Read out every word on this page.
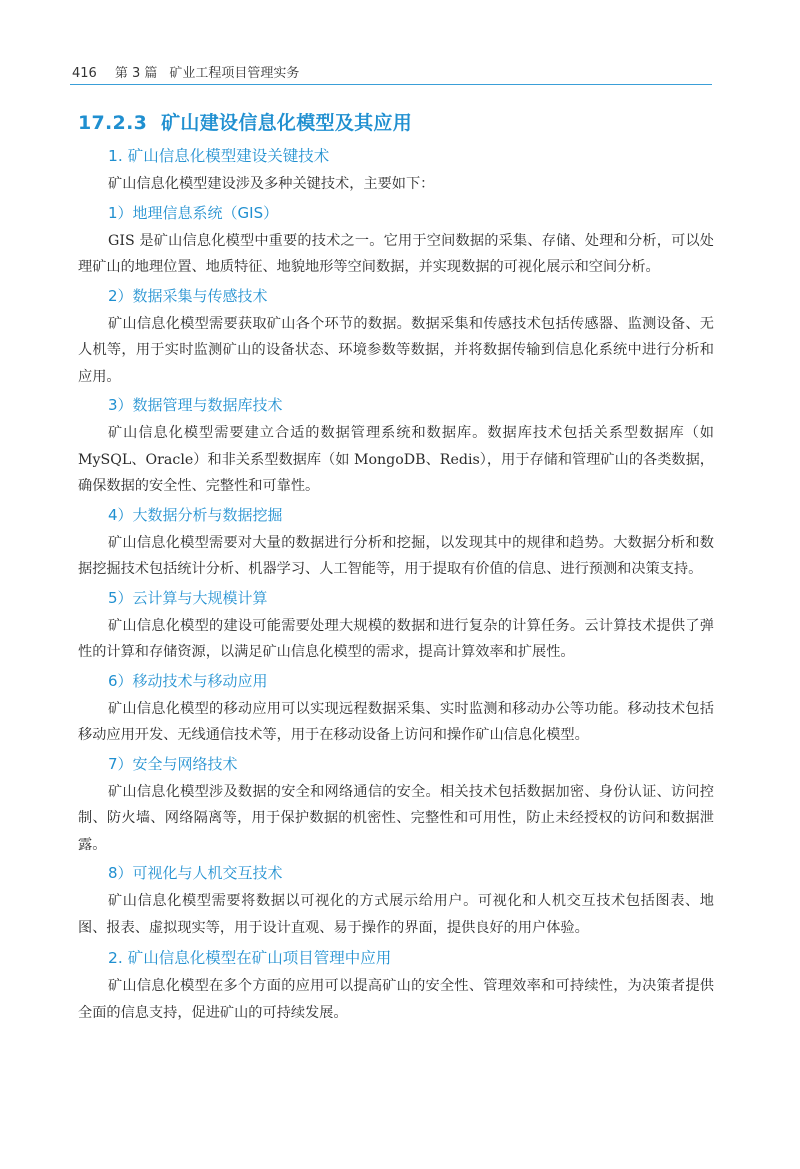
416 第 3 篇 矿业工程项目管理实务
17.2.3 矿山建设信息化模型及其应用
1. 矿山信息化模型建设关键技术

矿山信息化模型建设涉及多种关键技术，主要如下：

1）地理信息系统（GIS）

GIS 是矿山信息化模型中重要的技术之一。它用于空间数据的采集、存储、处理和分析，可以处理矿山的地理位置、地质特征、地貌地形等空间数据，并实现数据的可视化展示和空间分析。

2）数据采集与传感技术

矿山信息化模型需要获取矿山各个环节的数据。数据采集和传感技术包括传感器、监测设备、无人机等，用于实时监测矿山的设备状态、环境参数等数据，并将数据传输到信息化系统中进行分析和应用。

3）数据管理与数据库技术

矿山信息化模型需要建立合适的数据管理系统和数据库。数据库技术包括关系型数据库（如 MySQL、Oracle）和非关系型数据库（如 MongoDB、Redis），用于存储和管理矿山的各类数据，确保数据的安全性、完整性和可靠性。

4）大数据分析与数据挖掘

矿山信息化模型需要对大量的数据进行分析和挖掘，以发现其中的规律和趋势。大数据分析和数据挖掘技术包括统计分析、机器学习、人工智能等，用于提取有价值的信息、进行预测和决策支持。

5）云计算与大规模计算

矿山信息化模型的建设可能需要处理大规模的数据和进行复杂的计算任务。云计算技术提供了弹性的计算和存储资源，以满足矿山信息化模型的需求，提高计算效率和扩展性。

6）移动技术与移动应用

矿山信息化模型的移动应用可以实现远程数据采集、实时监测和移动办公等功能。移动技术包括移动应用开发、无线通信技术等，用于在移动设备上访问和操作矿山信息化模型。

7）安全与网络技术

矿山信息化模型涉及数据的安全和网络通信的安全。相关技术包括数据加密、身份认证、访问控制、防火墙、网络隔离等，用于保护数据的机密性、完整性和可用性，防止未经授权的访问和数据泄露。

8）可视化与人机交互技术

矿山信息化模型需要将数据以可视化的方式展示给用户。可视化和人机交互技术包括图表、地图、报表、虚拟现实等，用于设计直观、易于操作的界面，提供良好的用户体验。

2. 矿山信息化模型在矿山项目管理中应用

矿山信息化模型在多个方面的应用可以提高矿山的安全性、管理效率和可持续性，为决策者提供全面的信息支持，促进矿山的可持续发展。
